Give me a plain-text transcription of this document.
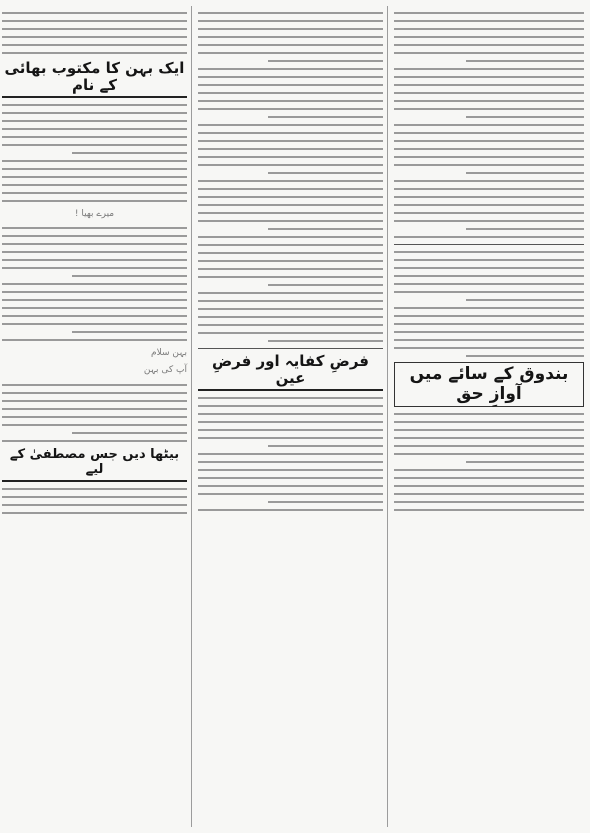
بندوق کے سائے میں آوازِ حق

فرضِ کفایہ اور فرضِ عین

ایک بہن کا مکتوب بھائی کے نام

میرے بھیا !

بہن سلام
آپ کی بہن

بیٹھا دیں جس مصطفیٰ کے لیے
